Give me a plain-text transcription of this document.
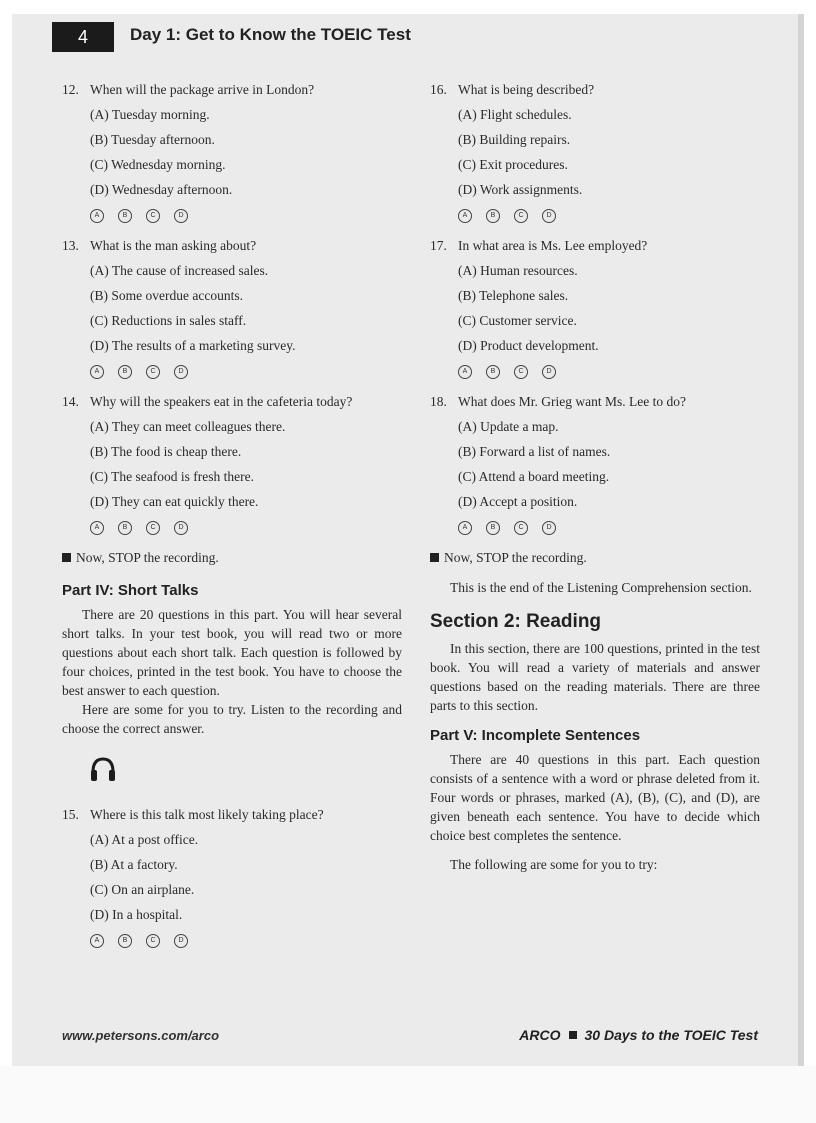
4	Day 1: Get to Know the TOEIC Test
12. When will the package arrive in London?
(A) Tuesday morning.
(B) Tuesday afternoon.
(C) Wednesday morning.
(D) Wednesday afternoon.
A	B	C	D
13. What is the man asking about?
(A) The cause of increased sales.
(B) Some overdue accounts.
(C) Reductions in sales staff.
(D) The results of a marketing survey.
A	B	C	D
14. Why will the speakers eat in the cafeteria today?
(A) They can meet colleagues there.
(B) The food is cheap there.
(C) The seafood is fresh there.
(D) They can eat quickly there.
A	B	C	D
Now, STOP the recording.
Part IV: Short Talks

There are 20 questions in this part. You will hear several short talks. In your test book, you will read two or more questions about each short talk. Each question is followed by four choices, printed in the test book. You have to choose the best answer to each question.

Here are some for you to try. Listen to the recording and choose the correct answer.

15. Where is this talk most likely taking place?
(A) At a post office.
(B) At a factory.
(C) On an airplane.
(D) In a hospital.
A	B	C	D
16. What is being described?
(A) Flight schedules.
(B) Building repairs.
(C) Exit procedures.
(D) Work assignments.
A	B	C	D
17. In what area is Ms. Lee employed?
(A) Human resources.
(B) Telephone sales.
(C) Customer service.
(D) Product development.
A	B	C	D
18. What does Mr. Grieg want Ms. Lee to do?
(A) Update a map.
(B) Forward a list of names.
(C) Attend a board meeting.
(D) Accept a position.
A	B	C	D
Now, STOP the recording.

This is the end of the Listening Comprehension section.

Section 2: Reading

In this section, there are 100 questions, printed in the test book. You will read a variety of materials and answer questions based on the reading materials. There are three parts to this section.

Part V: Incomplete Sentences

There are 40 questions in this part. Each question consists of a sentence with a word or phrase deleted from it. Four words or phrases, marked (A), (B), (C), and (D), are given beneath each sentence. You have to decide which choice best completes the sentence.

The following are some for you to try:

www.petersons.com/arco	ARCO 30 Days to the TOEIC Test
